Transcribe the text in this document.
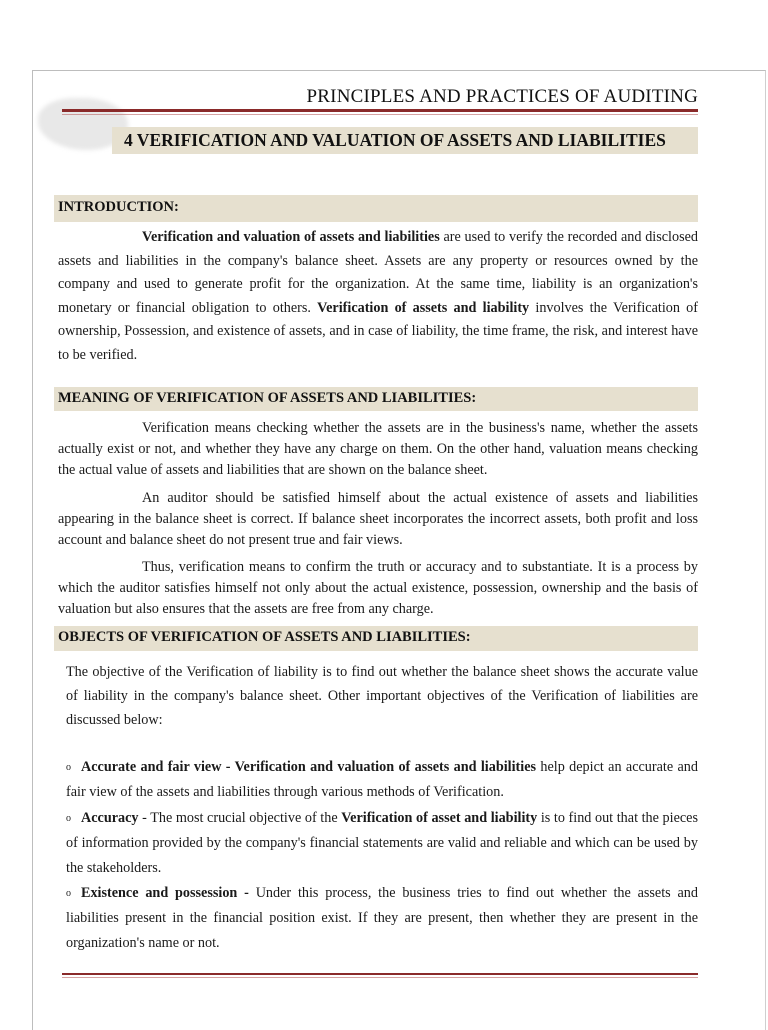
PRINCIPLES AND PRACTICES OF AUDITING
4 VERIFICATION AND VALUATION OF ASSETS AND LIABILITIES
INTRODUCTION:
Verification and valuation of assets and liabilities are used to verify the recorded and disclosed assets and liabilities in the company's balance sheet. Assets are any property or resources owned by the company and used to generate profit for the organization. At the same time, liability is an organization's monetary or financial obligation to others. Verification of assets and liability involves the Verification of ownership, Possession, and existence of assets, and in case of liability, the time frame, the risk, and interest have to be verified.
MEANING OF VERIFICATION OF ASSETS AND LIABILITIES:
Verification means checking whether the assets are in the business's name, whether the assets actually exist or not, and whether they have any charge on them. On the other hand, valuation means checking the actual value of assets and liabilities that are shown on the balance sheet.
An auditor should be satisfied himself about the actual existence of assets and liabilities appearing in the balance sheet is correct. If balance sheet incorporates the incorrect assets, both profit and loss account and balance sheet do not present true and fair views.
Thus, verification means to confirm the truth or accuracy and to substantiate. It is a process by which the auditor satisfies himself not only about the actual existence, possession, ownership and the basis of valuation but also ensures that the assets are free from any charge.
OBJECTS OF VERIFICATION OF ASSETS AND LIABILITIES:
The objective of the Verification of liability is to find out whether the balance sheet shows the accurate value of liability in the company's balance sheet. Other important objectives of the Verification of liabilities are discussed below:
o Accurate and fair view - Verification and valuation of assets and liabilities help depict an accurate and fair view of the assets and liabilities through various methods of Verification.
o Accuracy - The most crucial objective of the Verification of asset and liability is to find out that the pieces of information provided by the company's financial statements are valid and reliable and which can be used by the stakeholders.
o Existence and possession - Under this process, the business tries to find out whether the assets and liabilities present in the financial position exist. If they are present, then whether they are present in the organization's name or not.
